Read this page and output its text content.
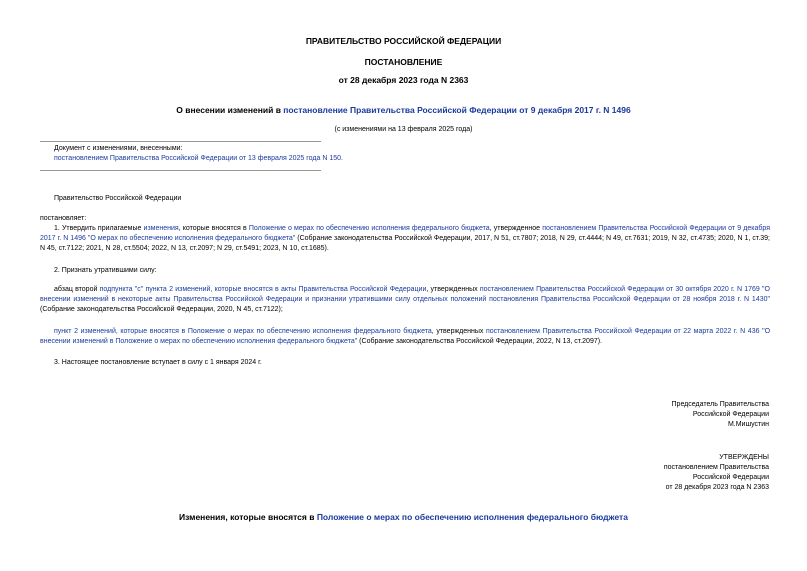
ПРАВИТЕЛЬСТВО РОССИЙСКОЙ ФЕДЕРАЦИИ
ПОСТАНОВЛЕНИЕ
от 28 декабря 2023 года N 2363
О внесении изменений в постановление Правительства Российской Федерации от 9 декабря 2017 г. N 1496
(с изменениями на 13 февраля 2025 года)
Документ с изменениями, внесенными:
постановлением Правительства Российской Федерации от 13 февраля 2025 года N 150.
Правительство Российской Федерации
постановляет:
1. Утвердить прилагаемые изменения, которые вносятся в Положение о мерах по обеспечению исполнения федерального бюджета, утвержденное постановлением Правительства Российской Федерации от 9 декабря 2017 г. N 1496 "О мерах по обеспечению исполнения федерального бюджета" (Собрание законодательства Российской Федерации, 2017, N 51, ст.7807; 2018, N 29, ст.4444; N 49, ст.7631; 2019, N 32, ст.4735; 2020, N 1, ст.39; N 45, ст.7122; 2021, N 28, ст.5504; 2022, N 13, ст.2097; N 29, ст.5491; 2023, N 10, ст.1685).
2. Признать утратившими силу:
абзац второй подпункта "с" пункта 2 изменений, которые вносятся в акты Правительства Российской Федерации, утвержденных постановлением Правительства Российской Федерации от 30 октября 2020 г. N 1769 "О внесении изменений в некоторые акты Правительства Российской Федерации и признании утратившими силу отдельных положений постановления Правительства Российской Федерации от 28 ноября 2018 г. N 1430" (Собрание законодательства Российской Федерации, 2020, N 45, ст.7122);
пункт 2 изменений, которые вносятся в Положение о мерах по обеспечению исполнения федерального бюджета, утвержденных постановлением Правительства Российской Федерации от 22 марта 2022 г. N 436 "О внесении изменений в Положение о мерах по обеспечению исполнения федерального бюджета" (Собрание законодательства Российской Федерации, 2022, N 13, ст.2097).
3. Настоящее постановление вступает в силу с 1 января 2024 г.
Председатель Правительства
Российской Федерации
М.Мишустин
УТВЕРЖДЕНЫ
постановлением Правительства
Российской Федерации
от 28 декабря 2023 года N 2363
Изменения, которые вносятся в Положение о мерах по обеспечению исполнения федерального бюджета
